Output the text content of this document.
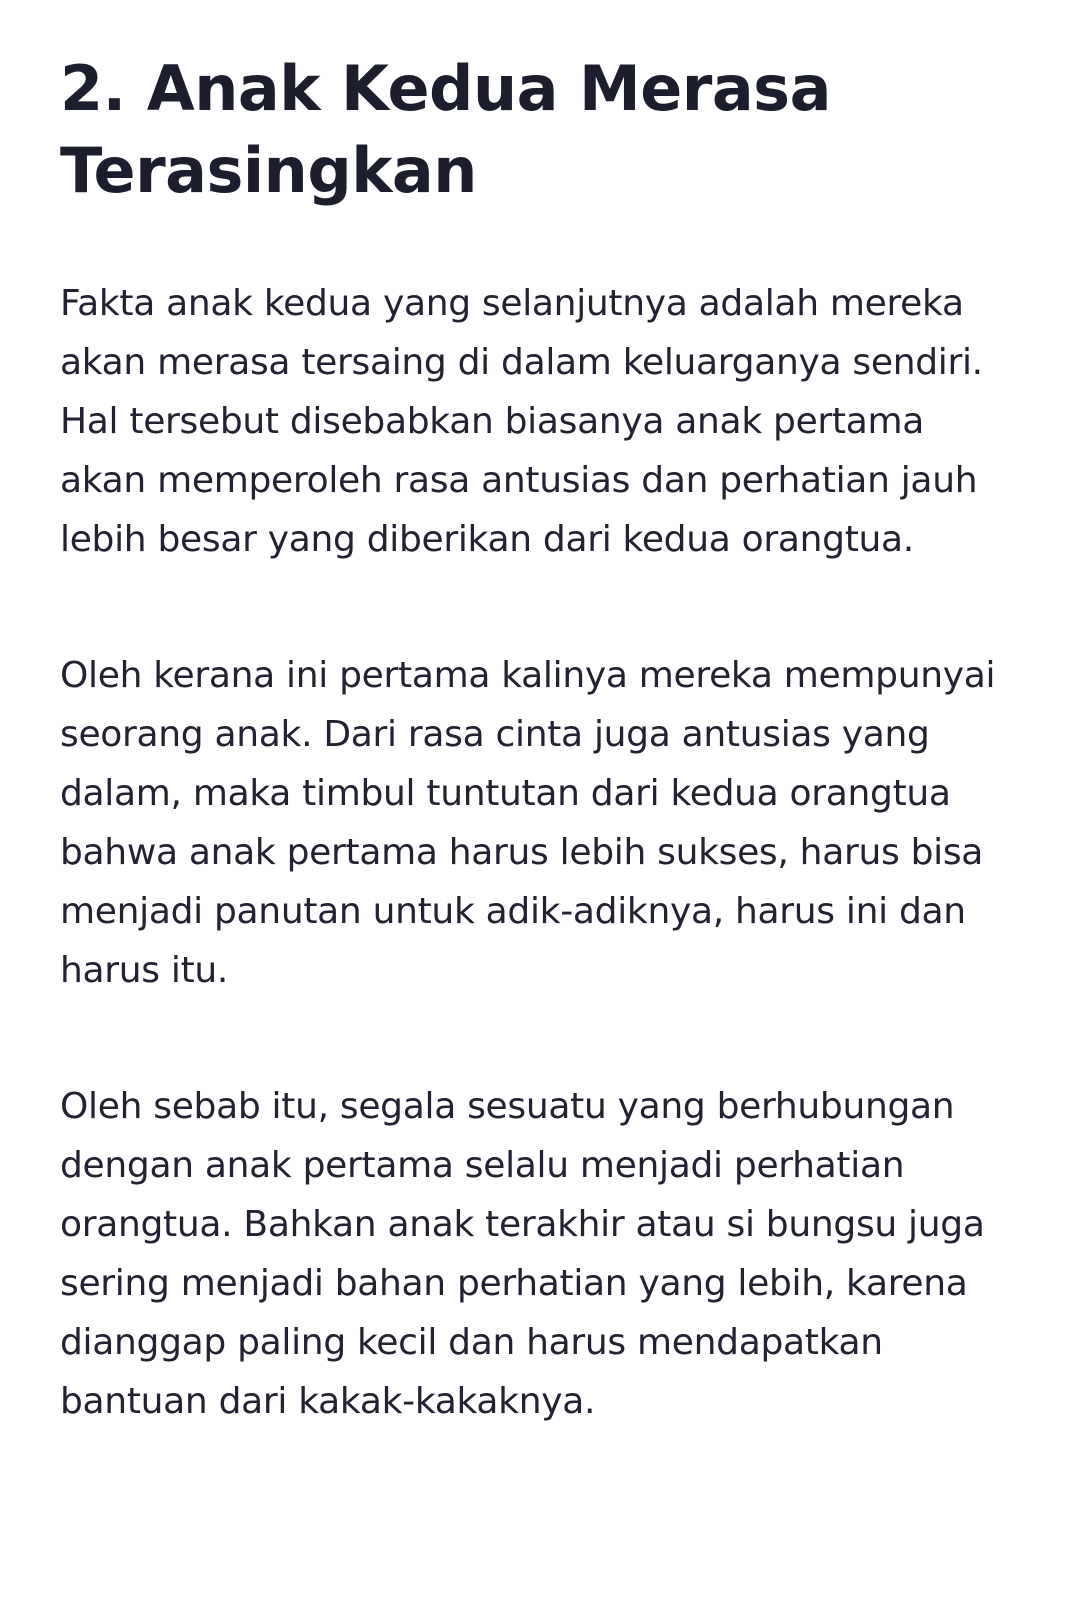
2. Anak Kedua Merasa Terasingkan

Fakta anak kedua yang selanjutnya adalah mereka akan merasa tersaing di dalam keluarganya sendiri. Hal tersebut disebabkan biasanya anak pertama akan memperoleh rasa antusias dan perhatian jauh lebih besar yang diberikan dari kedua orangtua.

Oleh kerana ini pertama kalinya mereka mempunyai seorang anak. Dari rasa cinta juga antusias yang dalam, maka timbul tuntutan dari kedua orangtua bahwa anak pertama harus lebih sukses, harus bisa menjadi panutan untuk adik-adiknya, harus ini dan harus itu.

Oleh sebab itu, segala sesuatu yang berhubungan dengan anak pertama selalu menjadi perhatian orangtua. Bahkan anak terakhir atau si bungsu juga sering menjadi bahan perhatian yang lebih, karena dianggap paling kecil dan harus mendapatkan bantuan dari kakak-kakaknya.
